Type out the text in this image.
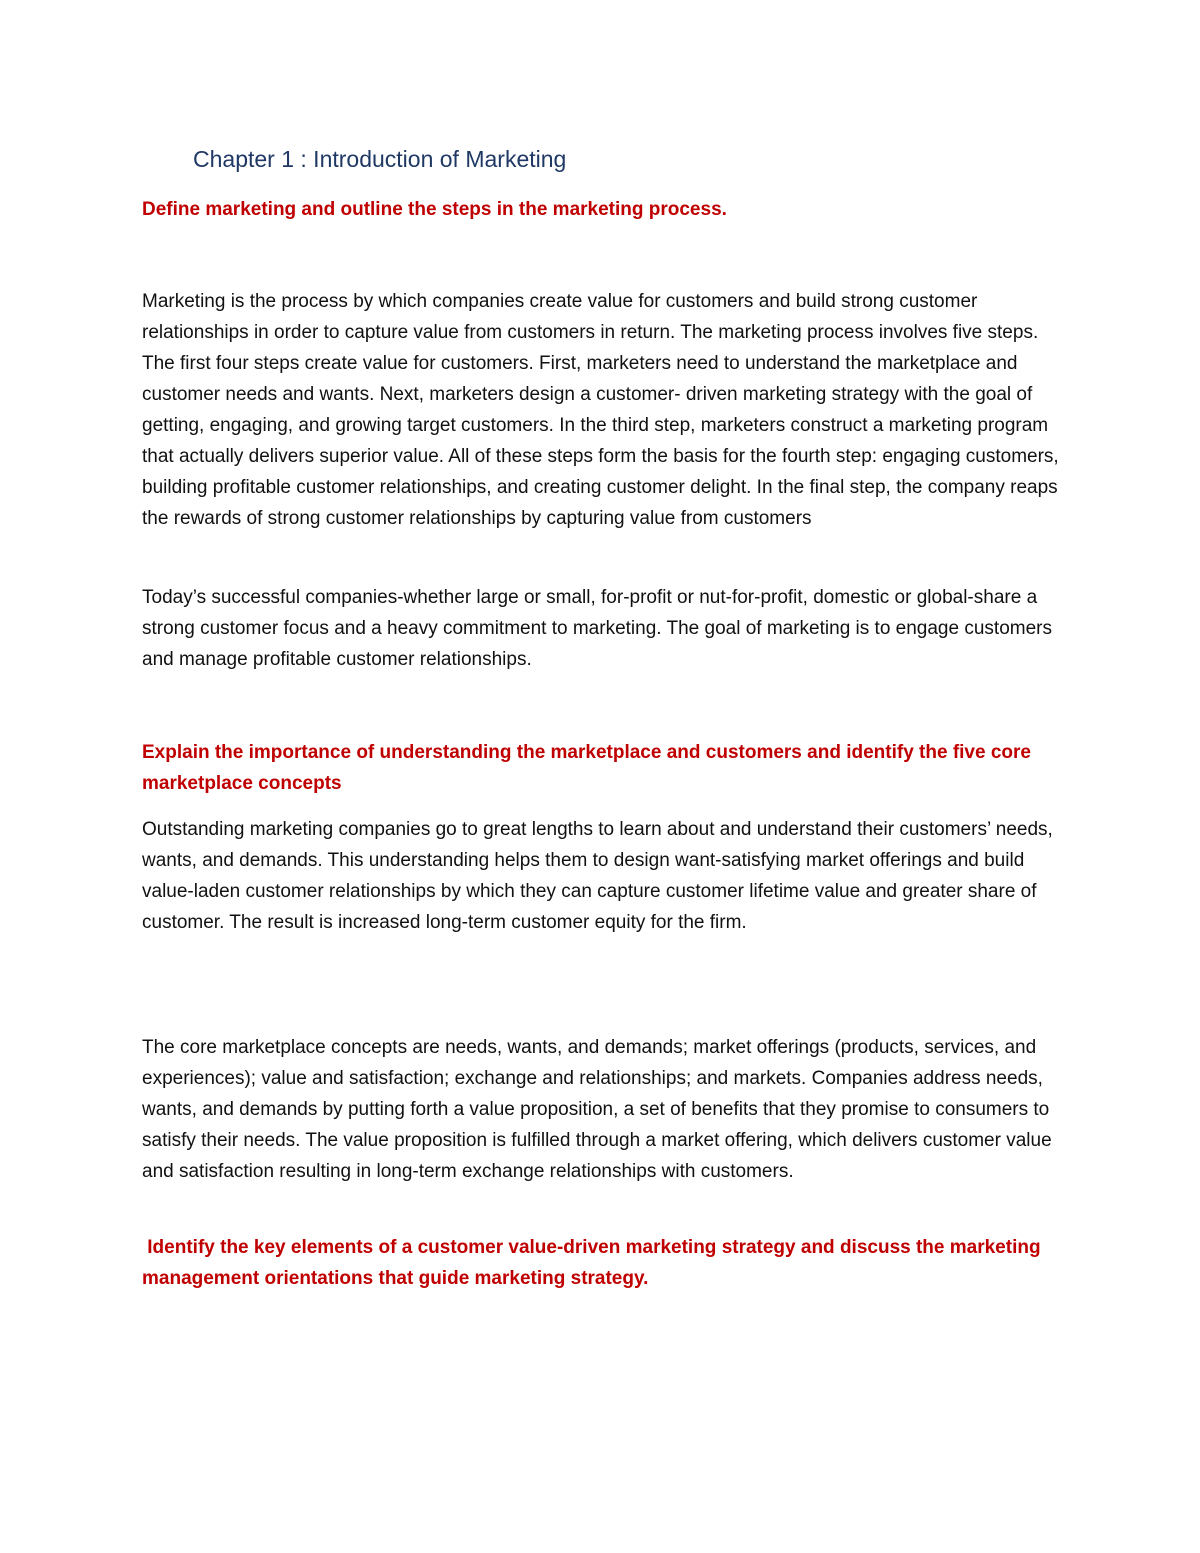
Chapter 1 : Introduction of Marketing

Define marketing and outline the steps in the marketing process.

Marketing is the process by which companies create value for customers and build strong customer relationships in order to capture value from customers in return. The marketing process involves five steps. The first four steps create value for customers. First, marketers need to understand the marketplace and customer needs and wants. Next, marketers design a customer- driven marketing strategy with the goal of getting, engaging, and growing target customers. In the third step, marketers construct a marketing program that actually delivers superior value. All of these steps form the basis for the fourth step: engaging customers, building profitable customer relationships, and creating customer delight. In the final step, the company reaps the rewards of strong customer relationships by capturing value from customers

Today’s successful companies-whether large or small, for-profit or nut-for-profit, domestic or global-share a strong customer focus and a heavy commitment to marketing. The goal of marketing is to engage customers and manage profitable customer relationships.

Explain the importance of understanding the marketplace and customers and identify the five core marketplace concepts

Outstanding marketing companies go to great lengths to learn about and understand their customers’ needs, wants, and demands. This understanding helps them to design want-satisfying market offerings and build value-laden customer relationships by which they can capture customer lifetime value and greater share of customer. The result is increased long-term customer equity for the firm.

The core marketplace concepts are needs, wants, and demands; market offerings (products, services, and experiences); value and satisfaction; exchange and relationships; and markets. Companies address needs, wants, and demands by putting forth a value proposition, a set of benefits that they promise to consumers to satisfy their needs. The value proposition is fulfilled through a market offering, which delivers customer value and satisfaction resulting in long-term exchange relationships with customers.

Identify the key elements of a customer value-driven marketing strategy and discuss the marketing management orientations that guide marketing strategy.
